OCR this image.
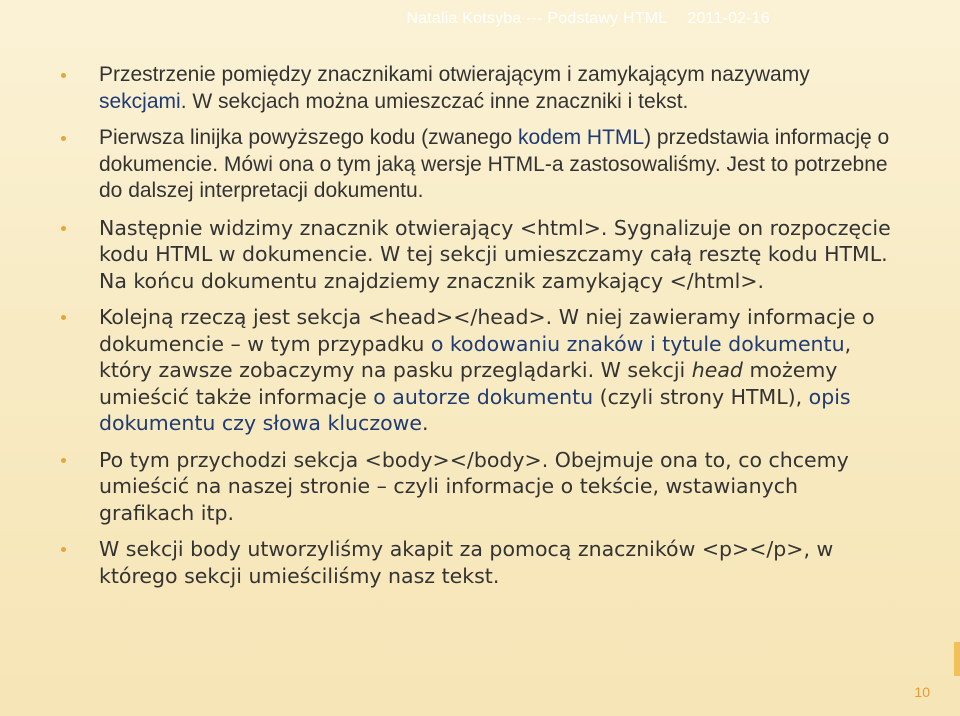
Natalia Kotsyba --- Podstawy HTML 2011-02-16
Przestrzenie pomiędzy znacznikami otwierającym i zamykającym nazywamy sekcjami. W sekcjach można umieszczać inne znaczniki i tekst.
Pierwsza linijka powyższego kodu (zwanego kodem HTML) przedstawia informację o dokumencie. Mówi ona o tym jaką wersje HTML-a zastosowaliśmy. Jest to potrzebne do dalszej interpretacji dokumentu.
Następnie widzimy znacznik otwierający <html>. Sygnalizuje on rozpoczęcie kodu HTML w dokumencie. W tej sekcji umieszczamy całą resztę kodu HTML. Na końcu dokumentu znajdziemy znacznik zamykający </html>.
Kolejną rzeczą jest sekcja <head></head>. W niej zawieramy informacje o dokumencie – w tym przypadku o kodowaniu znaków i tytule dokumentu, który zawsze zobaczymy na pasku przeglądarki. W sekcji head możemy umieścić także informacje o autorze dokumentu (czyli strony HTML), opis dokumentu czy słowa kluczowe.
Po tym przychodzi sekcja <body></body>. Obejmuje ona to, co chcemy umieścić na naszej stronie – czyli informacje o tekście, wstawianych grafikach itp.
W sekcji body utworzyliśmy akapit za pomocą znaczników <p></p>, w którego sekcji umieściliśmy nasz tekst.
10
